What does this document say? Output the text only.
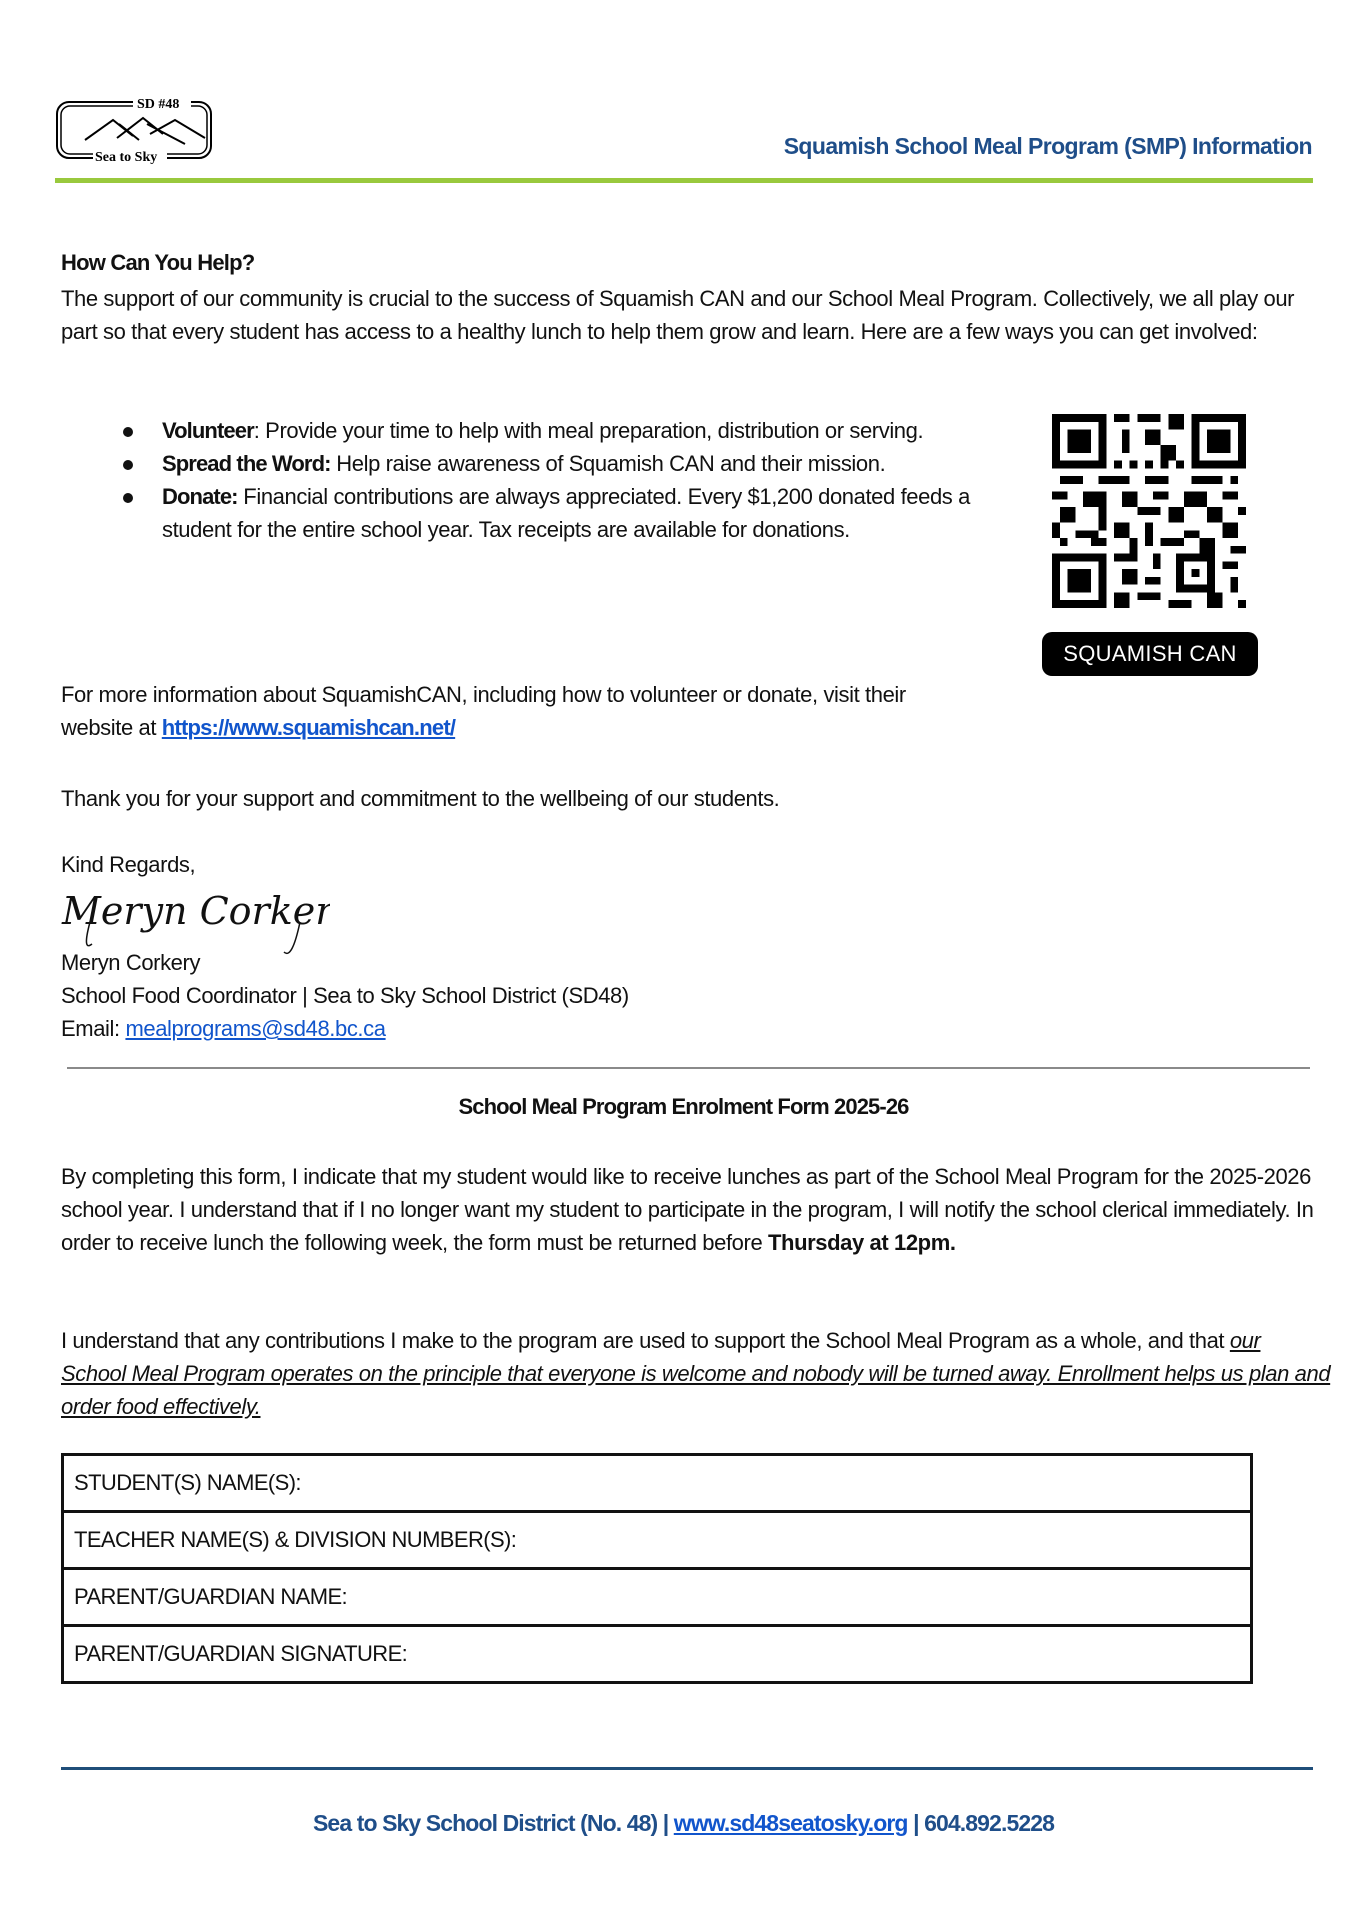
SD #48
Sea to Sky	Squamish School Meal Program (SMP) Information
How Can You Help?
The support of our community is crucial to the success of Squamish CAN and our School Meal Program. Collectively, we all play our part so that every student has access to a healthy lunch to help them grow and learn. Here are a few ways you can get involved:
Volunteer: Provide your time to help with meal preparation, distribution or serving.
Spread the Word: Help raise awareness of Squamish CAN and their mission.
Donate: Financial contributions are always appreciated. Every $1,200 donated feeds a student for the entire school year. Tax receipts are available for donations.
SQUAMISH CAN
For more information about SquamishCAN, including how to volunteer or donate, visit their website at https://www.squamishcan.net/
Thank you for your support and commitment to the wellbeing of our students.
Kind Regards,
Meryn Corkery
Meryn Corkery
School Food Coordinator | Sea to Sky School District (SD48)
Email: mealprograms@sd48.bc.ca
School Meal Program Enrolment Form 2025-26
By completing this form, I indicate that my student would like to receive lunches as part of the School Meal Program for the 2025-2026 school year. I understand that if I no longer want my student to participate in the program, I will notify the school clerical immediately. In order to receive lunch the following week, the form must be returned before Thursday at 12pm.
I understand that any contributions I make to the program are used to support the School Meal Program as a whole, and that our School Meal Program operates on the principle that everyone is welcome and nobody will be turned away. Enrollment helps us plan and order food effectively.
STUDENT(S) NAME(S):
TEACHER NAME(S) & DIVISION NUMBER(S):
PARENT/GUARDIAN NAME:
PARENT/GUARDIAN SIGNATURE:
Sea to Sky School District (No. 48) | www.sd48seatosky.org | 604.892.5228
